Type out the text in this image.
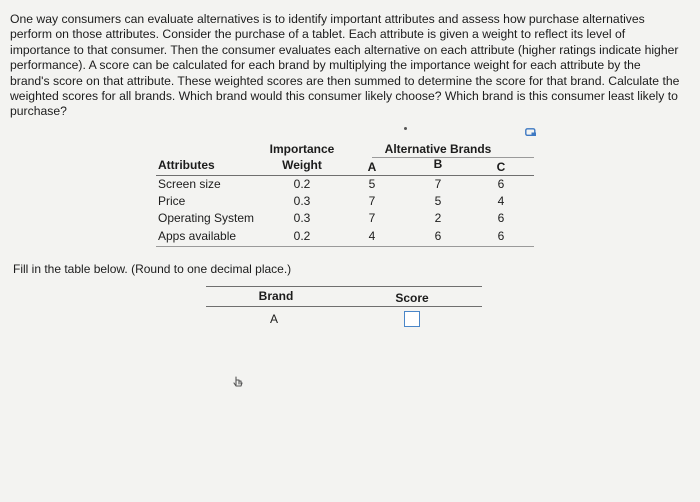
One way consumers can evaluate alternatives is to identify important attributes and assess how purchase alternatives perform on those attributes. Consider the purchase of a tablet. Each attribute is given a weight to reflect its level of importance to that consumer. Then the consumer evaluates each alternative on each attribute (higher ratings indicate higher performance). A score can be calculated for each brand by multiplying the importance weight for each attribute by the brand's score on that attribute. These weighted scores are then summed to determine the score for that brand. Calculate the weighted scores for all brands. Which brand would this consumer likely choose? Which brand is this consumer least likely to purchase?
Importance	Alternative Brands
Attributes	Weight	A	B	C
Screen size	0.2	5	7	6
Price	0.3	7	5	4
Operating System	0.3	7	2	6
Apps available	0.2	4	6	6
Fill in the table below. (Round to one decimal place.)
Brand	Score
A
